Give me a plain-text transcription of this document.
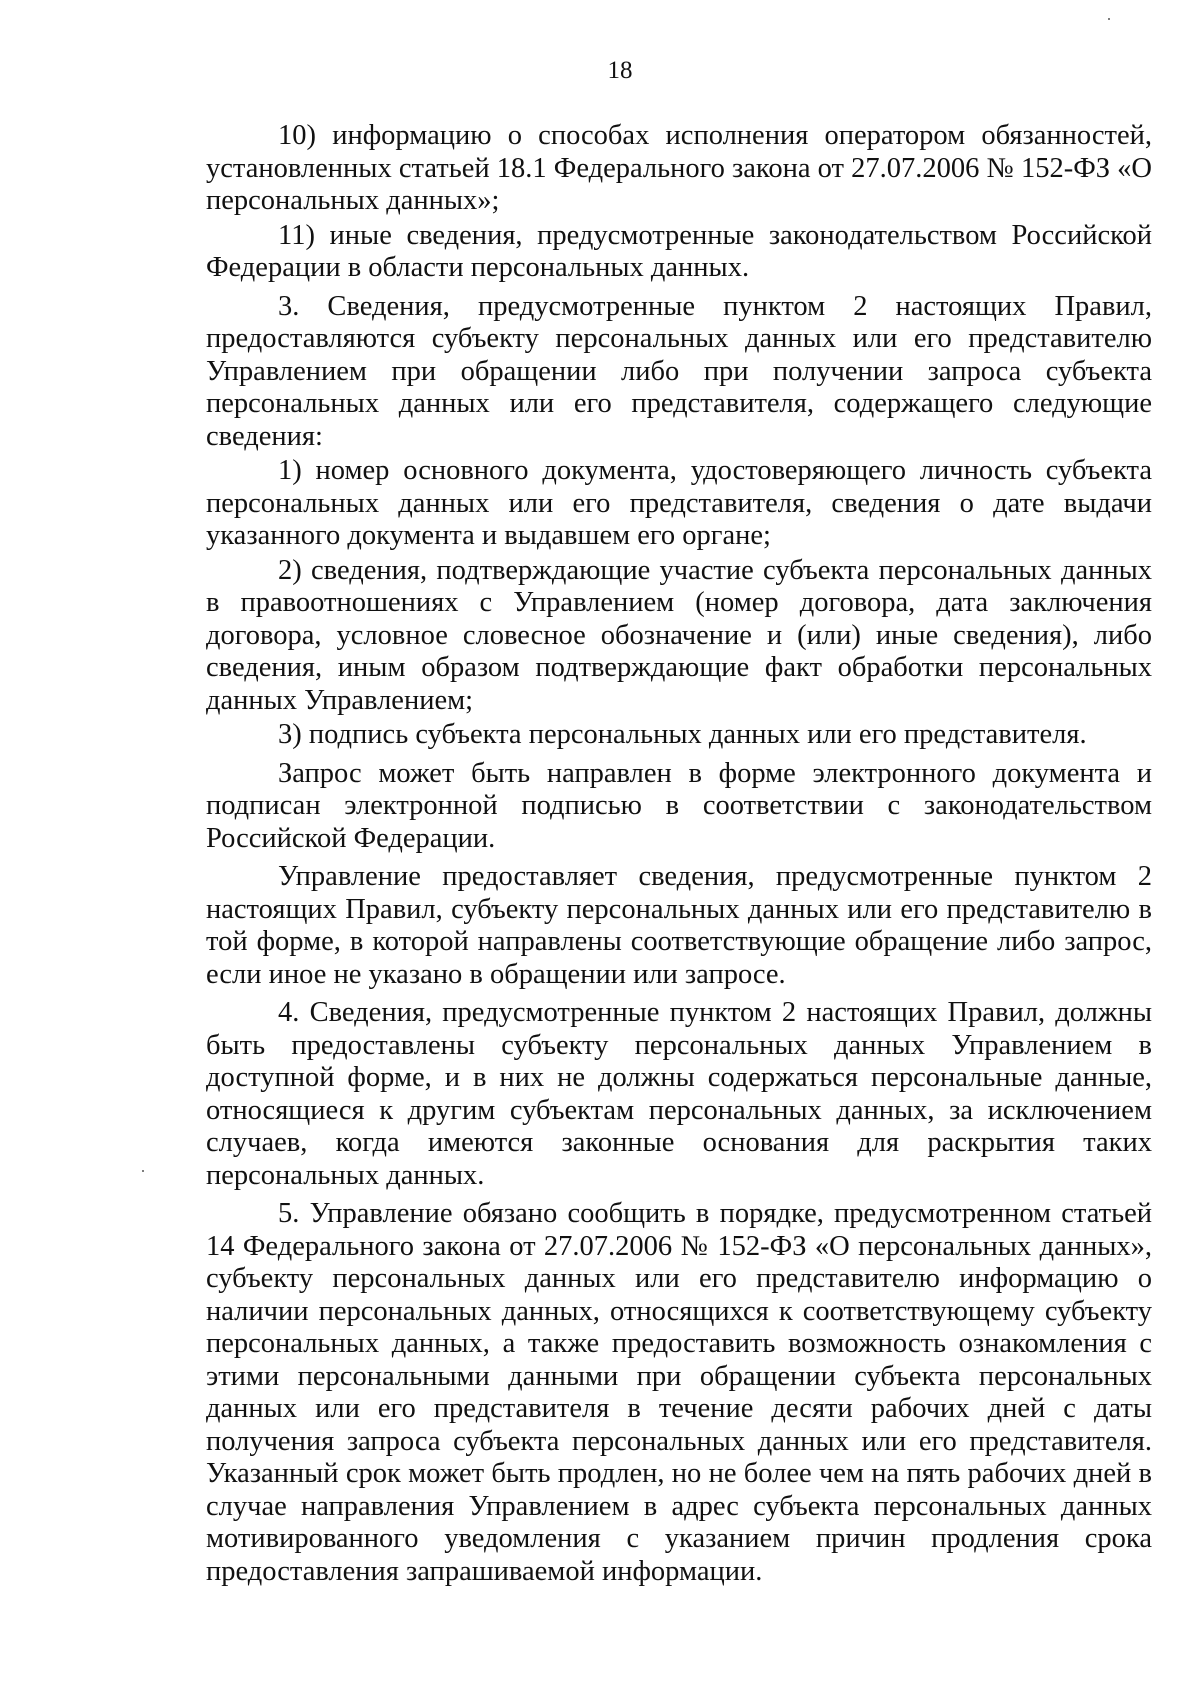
18

10) информацию о способах исполнения оператором обязанностей, установленных статьей 18.1 Федерального закона от 27.07.2006 № 152-ФЗ «О персональных данных»;

11) иные сведения, предусмотренные законодательством Российской Федерации в области персональных данных.

3. Сведения, предусмотренные пунктом 2 настоящих Правил, предоставляются субъекту персональных данных или его представителю Управлением при обращении либо при получении запроса субъекта персональных данных или его представителя, содержащего следующие сведения:

1) номер основного документа, удостоверяющего личность субъекта персональных данных или его представителя, сведения о дате выдачи указанного документа и выдавшем его органе;

2) сведения, подтверждающие участие субъекта персональных данных в правоотношениях с Управлением (номер договора, дата заключения договора, условное словесное обозначение и (или) иные сведения), либо сведения, иным образом подтверждающие факт обработки персональных данных Управлением;

3) подпись субъекта персональных данных или его представителя.

Запрос может быть направлен в форме электронного документа и подписан электронной подписью в соответствии с законодательством Российской Федерации.

Управление предоставляет сведения, предусмотренные пунктом 2 настоящих Правил, субъекту персональных данных или его представителю в той форме, в которой направлены соответствующие обращение либо запрос, если иное не указано в обращении или запросе.

4. Сведения, предусмотренные пунктом 2 настоящих Правил, должны быть предоставлены субъекту персональных данных Управлением в доступной форме, и в них не должны содержаться персональные данные, относящиеся к другим субъектам персональных данных, за исключением случаев, когда имеются законные основания для раскрытия таких персональных данных.

5. Управление обязано сообщить в порядке, предусмотренном статьей 14 Федерального закона от 27.07.2006 № 152-ФЗ «О персональных данных», субъекту персональных данных или его представителю информацию о наличии персональных данных, относящихся к соответствующему субъекту персональных данных, а также предоставить возможность ознакомления с этими персональными данными при обращении субъекта персональных данных или его представителя в течение десяти рабочих дней с даты получения запроса субъекта персональных данных или его представителя. Указанный срок может быть продлен, но не более чем на пять рабочих дней в случае направления Управлением в адрес субъекта персональных данных мотивированного уведомления с указанием причин продления срока предоставления запрашиваемой информации.
